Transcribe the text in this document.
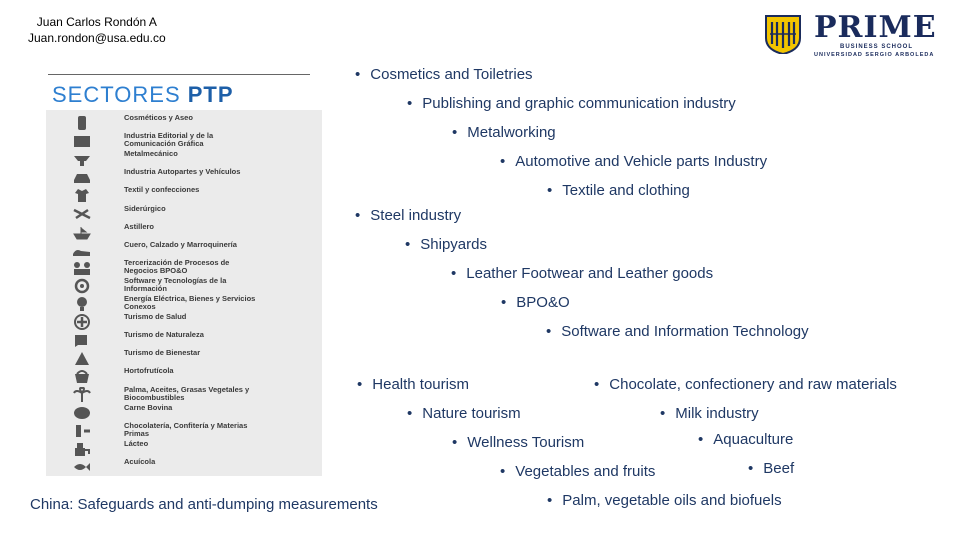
Juan Carlos Rondón A
Juan.rondon@usa.edu.co	PRIME
BUSINESS SCHOOL
UNIVERSIDAD SERGIO ARBOLEDA
SECTORES PTP
Cosméticos y Aseo
Industria Editorial y de la Comunicación Gráfica
Metalmecánico
Industria Autopartes y Vehículos
Textil y confecciones
Siderúrgico
Astillero
Cuero, Calzado y Marroquinería
Tercerización de Procesos de Negocios BPO&O
Software y Tecnologías de la Información
Energía Eléctrica, Bienes y Servicios Conexos
Turismo de Salud
Turismo de Naturaleza
Turismo de Bienestar
Hortofrutícola
Palma, Aceites, Grasas Vegetales y Biocombustibles
Carne Bovina
Chocolatería, Confitería y Materias Primas
Lácteo
Acuícola
• Cosmetics and Toiletries
• Publishing and graphic communication industry
• Metalworking
• Automotive and Vehicle parts Industry
• Textile and clothing
• Steel industry
• Shipyards
• Leather Footwear and Leather goods
• BPO&O
• Software and Information Technology
• Health tourism	• Chocolate, confectionery and raw materials
• Nature tourism	• Milk industry
• Wellness Tourism	• Aquaculture
• Vegetables and fruits	• Beef
• Palm, vegetable oils and biofuels
China: Safeguards and anti-dumping measurements
